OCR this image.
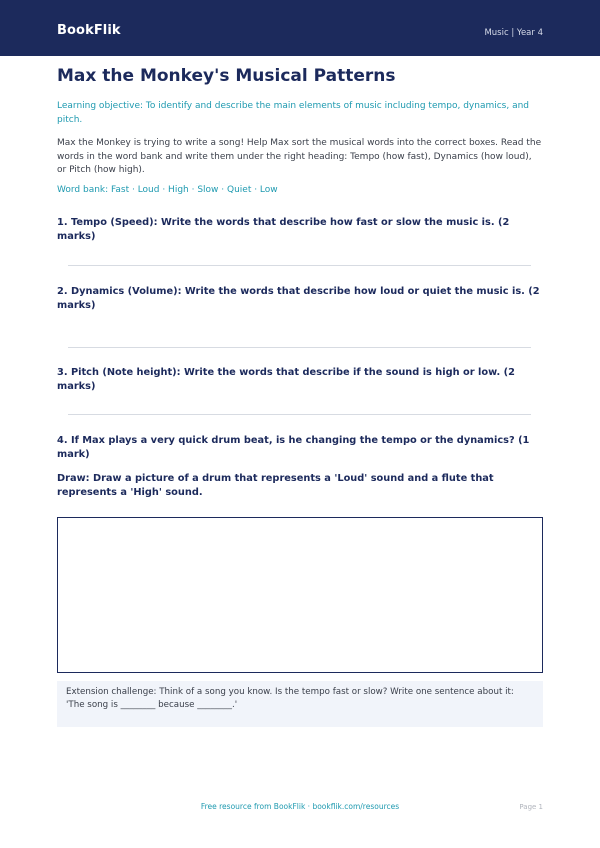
BookFlik	Music | Year 4
Max the Monkey's Musical Patterns

Learning objective: To identify and describe the main elements of music including tempo, dynamics, and pitch.

Max the Monkey is trying to write a song! Help Max sort the musical words into the correct boxes. Read the words in the word bank and write them under the right heading: Tempo (how fast), Dynamics (how loud), or Pitch (how high).

Word bank: Fast · Loud · High · Slow · Quiet · Low

1. Tempo (Speed): Write the words that describe how fast or slow the music is. (2 marks)

2. Dynamics (Volume): Write the words that describe how loud or quiet the music is. (2 marks)

3. Pitch (Note height): Write the words that describe if the sound is high or low. (2 marks)

4. If Max plays a very quick drum beat, is he changing the tempo or the dynamics? (1 mark)

Draw: Draw a picture of a drum that represents a 'Loud' sound and a flute that represents a 'High' sound.

Extension challenge: Think of a song you know. Is the tempo fast or slow? Write one sentence about it:
'The song is ________ because ________.'
Free resource from BookFlik · bookflik.com/resources	Page 1
